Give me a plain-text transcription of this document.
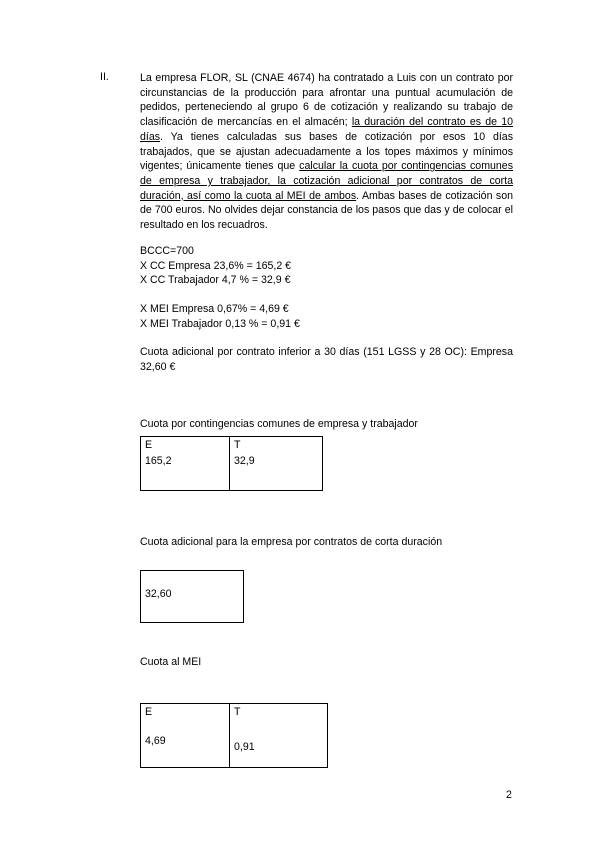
II.	La empresa FLOR, SL (CNAE 4674) ha contratado a Luis con un contrato por circunstancias de la producción para afrontar una puntual acumulación de pedidos, perteneciendo al grupo 6 de cotización y realizando su trabajo de clasificación de mercancías en el almacén; la duración del contrato es de 10 días. Ya tienes calculadas sus bases de cotización por esos 10 días trabajados, que se ajustan adecuadamente a los topes máximos y mínimos vigentes; únicamente tienes que calcular la cuota por contingencias comunes de empresa y trabajador, la cotización adicional por contratos de corta duración, así como la cuota al MEI de ambos. Ambas bases de cotización son de 700 euros. No olvides dejar constancia de los pasos que das y de colocar el resultado en los recuadros.
BCCC=700
X CC Empresa 23,6% = 165,2 €
X CC Trabajador 4,7 % = 32,9 €
X MEI Empresa 0,67% = 4,69 €
X MEI Trabajador 0,13 % = 0,91 €
Cuota adicional por contrato inferior a 30 días (151 LGSS y 28 OC): Empresa 32,60 €
Cuota por contingencias comunes de empresa y trabajador
E
165,2
T
32,9
Cuota adicional para la empresa por contratos de corta duración
32,60
Cuota al MEI
E
4,69
T
0,91
2
